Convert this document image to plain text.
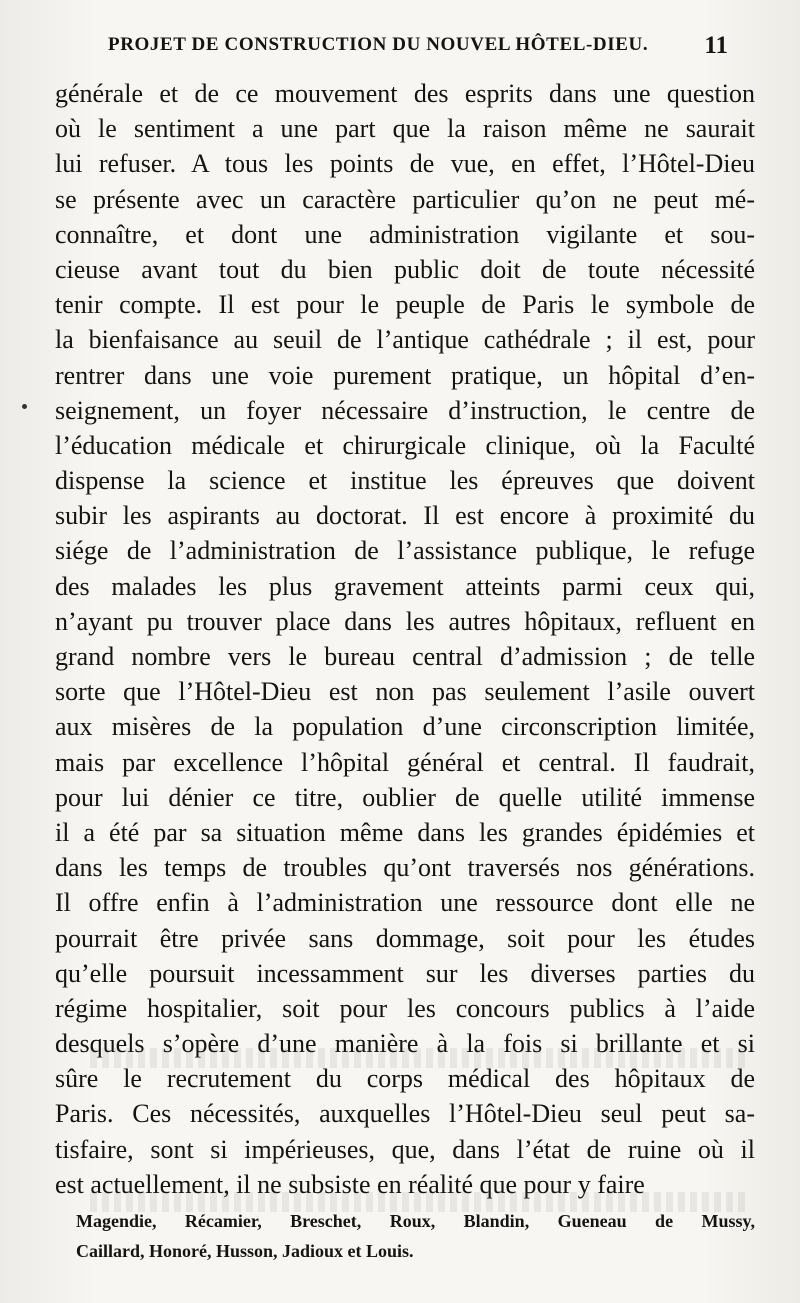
PROJET DE CONSTRUCTION DU NOUVEL HÔTEL-DIEU. 11
générale et de ce mouvement des esprits dans une question
où le sentiment a une part que la raison même ne saurait
lui refuser. A tous les points de vue, en effet, l’Hôtel-Dieu
se présente avec un caractère particulier qu’on ne peut mé-
connaître, et dont une administration vigilante et sou-
cieuse avant tout du bien public doit de toute nécessité
tenir compte. Il est pour le peuple de Paris le symbole de
la bienfaisance au seuil de l’antique cathédrale ; il est, pour
rentrer dans une voie purement pratique, un hôpital d’en-
seignement, un foyer nécessaire d’instruction, le centre de
l’éducation médicale et chirurgicale clinique, où la Faculté
dispense la science et institue les épreuves que doivent
subir les aspirants au doctorat. Il est encore à proximité du
siége de l’administration de l’assistance publique, le refuge
des malades les plus gravement atteints parmi ceux qui,
n’ayant pu trouver place dans les autres hôpitaux, refluent en
grand nombre vers le bureau central d’admission ; de telle
sorte que l’Hôtel-Dieu est non pas seulement l’asile ouvert
aux misères de la population d’une circonscription limitée,
mais par excellence l’hôpital général et central. Il faudrait,
pour lui dénier ce titre, oublier de quelle utilité immense
il a été par sa situation même dans les grandes épidémies et
dans les temps de troubles qu’ont traversés nos générations.
Il offre enfin à l’administration une ressource dont elle ne
pourrait être privée sans dommage, soit pour les études
qu’elle poursuit incessamment sur les diverses parties du
régime hospitalier, soit pour les concours publics à l’aide
desquels s’opère d’une manière à la fois si brillante et si
sûre le recrutement du corps médical des hôpitaux de
Paris. Ces nécessités, auxquelles l’Hôtel-Dieu seul peut sa-
tisfaire, sont si impérieuses, que, dans l’état de ruine où il
est actuellement, il ne subsiste en réalité que pour y faire
Magendie, Récamier, Breschet, Roux, Blandin, Gueneau de Mussy,
Caillard, Honoré, Husson, Jadioux et Louis.
